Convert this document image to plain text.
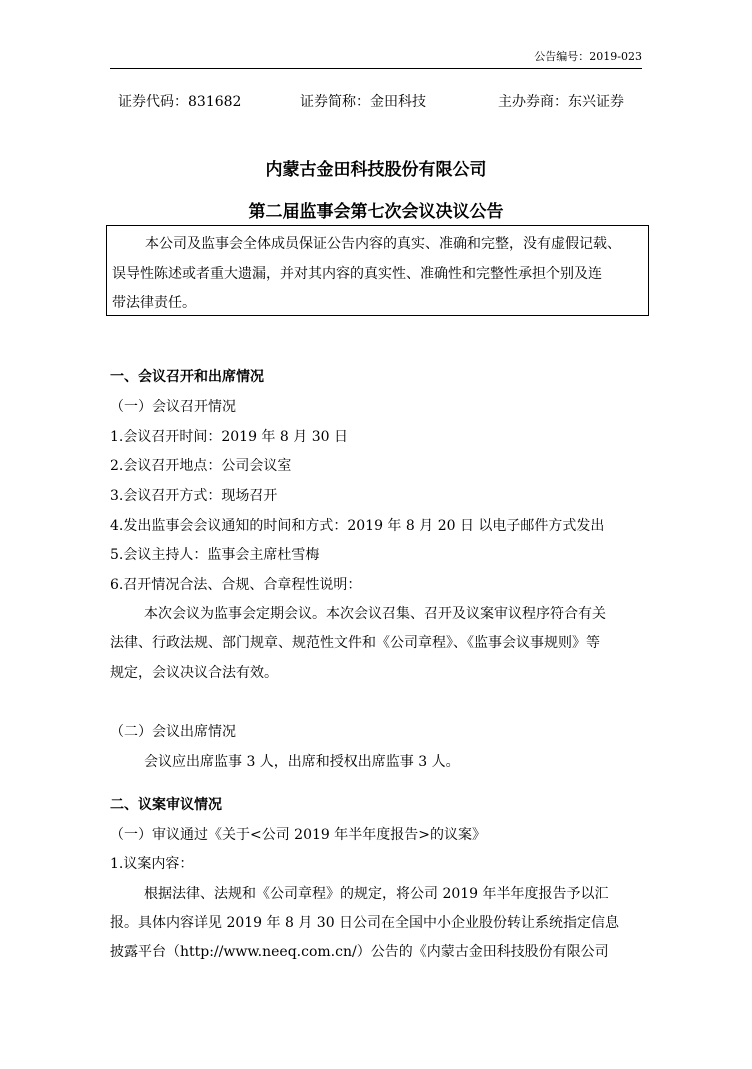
公告编号：2019-023
证券代码：831682	证券简称：金田科技	主办券商：东兴证券
内蒙古金田科技股份有限公司
第二届监事会第七次会议决议公告
本公司及监事会全体成员保证公告内容的真实、准确和完整，没有虚假记载、
误导性陈述或者重大遗漏，并对其内容的真实性、准确性和完整性承担个别及连
带法律责任。
一、会议召开和出席情况
（一）会议召开情况
1.会议召开时间：2019 年 8 月 30 日
2.会议召开地点：公司会议室
3.会议召开方式：现场召开
4.发出监事会会议通知的时间和方式：2019 年 8 月 20 日 以电子邮件方式发出
5.会议主持人：监事会主席杜雪梅
6.召开情况合法、合规、合章程性说明：
本次会议为监事会定期会议。本次会议召集、召开及议案审议程序符合有关
法律、行政法规、部门规章、规范性文件和《公司章程》、《监事会议事规则》等
规定，会议决议合法有效。
（二）会议出席情况
会议应出席监事 3 人，出席和授权出席监事 3 人。
二、议案审议情况
（一）审议通过《关于<公司 2019 年半年度报告>的议案》
1.议案内容：
根据法律、法规和《公司章程》的规定，将公司 2019 年半年度报告予以汇
报。具体内容详见 2019 年 8 月 30 日公司在全国中小企业股份转让系统指定信息
披露平台（http://www.neeq.com.cn/）公告的《内蒙古金田科技股份有限公司
